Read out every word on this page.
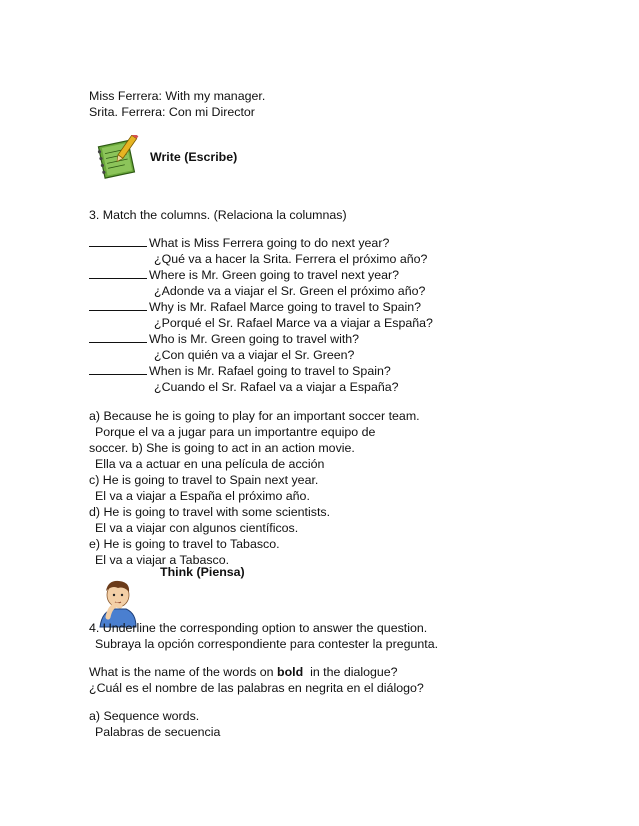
Miss Ferrera: With my manager.
Srita. Ferrera: Con mi Director
Write (Escribe)
3. Match the columns. (Relaciona la columnas)
What is Miss Ferrera going to do next year?
¿Qué va a hacer la Srita. Ferrera el próximo año?
Where is Mr. Green going to travel next year?
¿Adonde va a viajar el Sr. Green el próximo año?
Why is Mr. Rafael Marce going to travel to Spain?
¿Porqué el Sr. Rafael Marce va a viajar a España?
Who is Mr. Green going to travel with?
¿Con quién va a viajar el Sr. Green?
When is Mr. Rafael going to travel to Spain?
¿Cuando el Sr. Rafael va a viajar a España?
a) Because he is going to play for an important soccer team.
Porque el va a jugar para un importantre equipo de
soccer. b) She is going to act in an action movie.
Ella va a actuar en una película de acción
c) He is going to travel to Spain next year.
El va a viajar a España el próximo año.
d) He is going to travel with some scientists.
El va a viajar con algunos científicos.
e) He is going to travel to Tabasco.
El va a viajar a Tabasco.
Think (Piensa)
4. Underline the corresponding option to answer the question.
Subraya la opción correspondiente para contester la pregunta.
What is the name of the words on bold  in the dialogue?
¿Cuál es el nombre de las palabras en negrita en el diálogo?
a) Sequence words.
Palabras de secuencia
